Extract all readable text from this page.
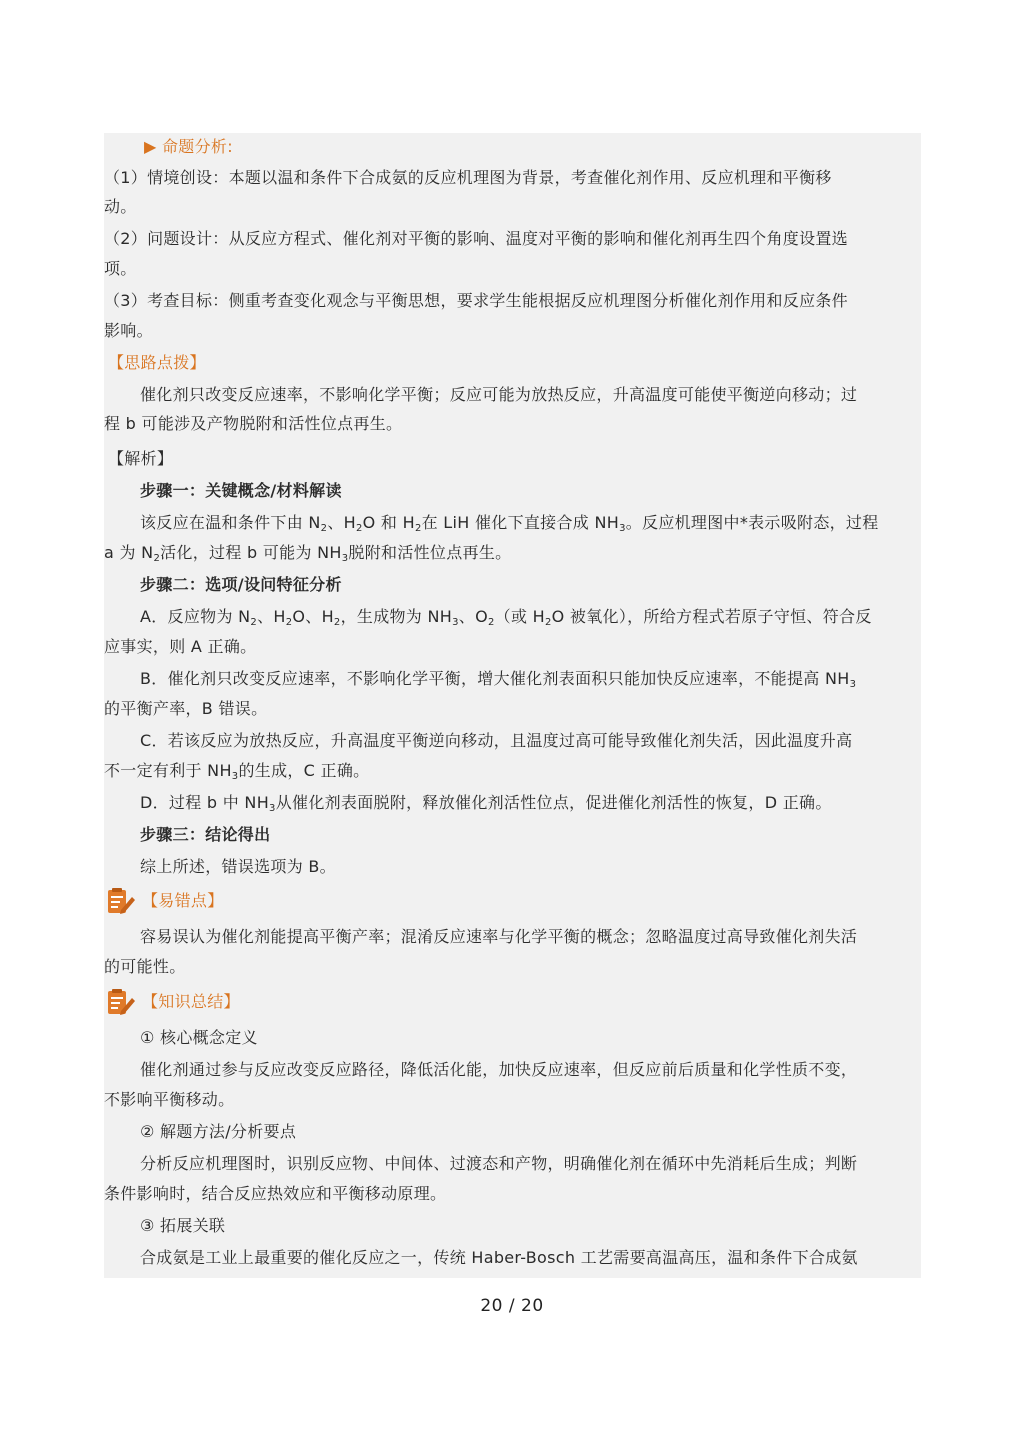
▶ 命题分析:
（1）情境创设：本题以温和条件下合成氨的反应机理图为背景，考查催化剂作用、反应机理和平衡移
动。
（2）问题设计：从反应方程式、催化剂对平衡的影响、温度对平衡的影响和催化剂再生四个角度设置选
项。
（3）考查目标：侧重考查变化观念与平衡思想，要求学生能根据反应机理图分析催化剂作用和反应条件
影响。
【思路点拨】
催化剂只改变反应速率，不影响化学平衡；反应可能为放热反应，升高温度可能使平衡逆向移动；过
程 b 可能涉及产物脱附和活性位点再生。
【解析】
步骤一：关键概念/材料解读
该反应在温和条件下由 $N_2$、$H_2O$ 和 $H_2$在 LiH 催化下直接合成 $NH_3$。反应机理图中*表示吸附态，过程
a 为 $N_2$活化，过程 b 可能为 $NH_3$脱附和活性位点再生。
步骤二：选项/设问特征分析
A．反应物为 $N_2$、$H_2O$、$H_2$，生成物为 $NH_3$、$O_2$（或 $H_2O$ 被氧化），所给方程式若原子守恒、符合反
应事实，则 A 正确。
B．催化剂只改变反应速率，不影响化学平衡，增大催化剂表面积只能加快反应速率，不能提高 $NH_3$
的平衡产率，B 错误。
C．若该反应为放热反应，升高温度平衡逆向移动，且温度过高可能导致催化剂失活，因此温度升高
不一定有利于 $NH_3$的生成，C 正确。
D．过程 b 中 $NH_3$从催化剂表面脱附，释放催化剂活性位点，促进催化剂活性的恢复，D 正确。
步骤三：结论得出
综上所述，错误选项为 B。
【易错点】
容易误认为催化剂能提高平衡产率；混淆反应速率与化学平衡的概念；忽略温度过高导致催化剂失活
的可能性。
【知识总结】
① 核心概念定义
催化剂通过参与反应改变反应路径，降低活化能，加快反应速率，但反应前后质量和化学性质不变，
不影响平衡移动。
② 解题方法/分析要点
分析反应机理图时，识别反应物、中间体、过渡态和产物，明确催化剂在循环中先消耗后生成；判断
条件影响时，结合反应热效应和平衡移动原理。
③ 拓展关联
合成氨是工业上最重要的催化反应之一，传统 Haber-Bosch 工艺需要高温高压，温和条件下合成氨
20 / 20
